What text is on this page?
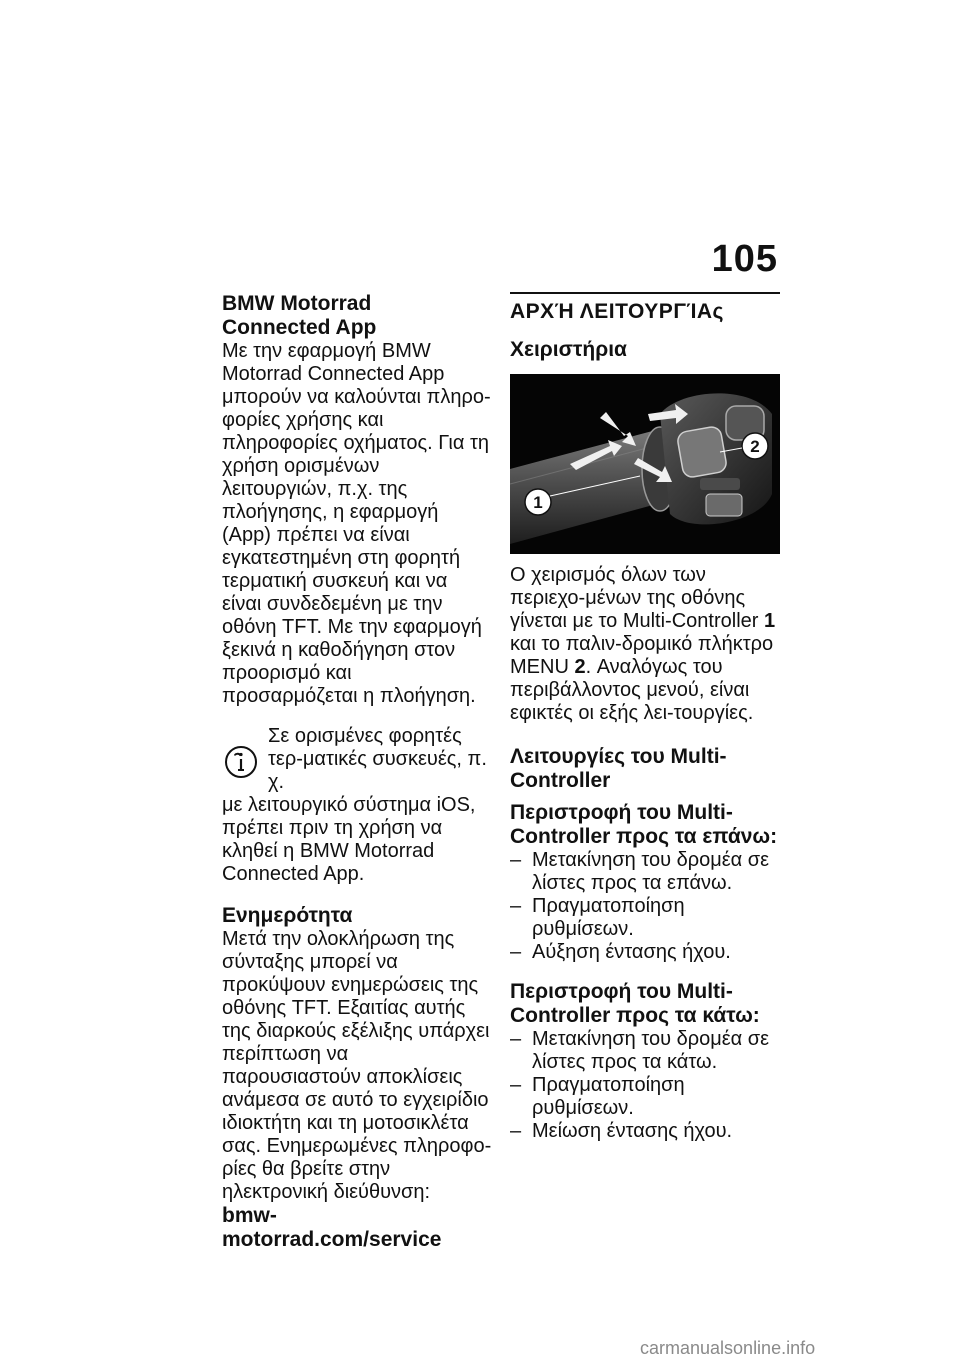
105
BMW Motorrad
Connected App

Με την εφαρμογή BMW Motorrad Connected App μπορούν να καλούνται πληρο-φορίες χρήσης και πληροφορίες οχήματος. Για τη χρήση ορισμένων λειτουργιών, π.χ. της πλοήγησης, η εφαρμογή (App) πρέπει να είναι εγκατεστημένη στη φορητή τερματική συσκευή και να είναι συνδεδεμένη με την οθόνη TFT. Με την εφαρμογή ξεκινά η καθοδήγηση στον προορισμό και προσαρμόζεται η πλοήγηση.

Σε ορισμένες φορητές τερ-ματικές συσκευές, π. χ.

με λειτουργικό σύστημα iOS, πρέπει πριν τη χρήση να κληθεί η BMW Motorrad Connected App.

Ενημερότητα

Μετά την ολοκλήρωση της σύνταξης μπορεί να προκύψουν ενημερώσεις της οθόνης TFT. Εξαιτίας αυτής της διαρκούς εξέλιξης υπάρχει περίπτωση να παρουσιαστούν αποκλίσεις ανάμεσα σε αυτό το εγχειρίδιο ιδιοκτήτη και τη μοτοσικλέτα σας. Ενημερωμένες πληροφο-ρίες θα βρείτε στην ηλεκτρονική διεύθυνση:

bmw-motorrad.com/service
ΑΡΧΉ ΛΕΙΤΟΥΡΓΊΑς
Χειριστήρια
1
2

Ο χειρισμός όλων των περιεχο-μένων της οθόνης γίνεται με το Multi-Controller 1 και το παλιν-δρομικό πλήκτρο MENU 2. Αναλόγως του περιβάλλοντος μενού, είναι εφικτές οι εξής λει-τουργίες.

Λειτουργίες του Multi-Controller
Περιστροφή του Multi-Controller προς τα επάνω:
– Μετακίνηση του δρομέα σε λίστες προς τα επάνω.
– Πραγματοποίηση ρυθμίσεων.
– Αύξηση έντασης ήχου.
Περιστροφή του Multi-Controller προς τα κάτω:
– Μετακίνηση του δρομέα σε λίστες προς τα κάτω.
– Πραγματοποίηση ρυθμίσεων.
– Μείωση έντασης ήχου.
carmanualsonline.info
